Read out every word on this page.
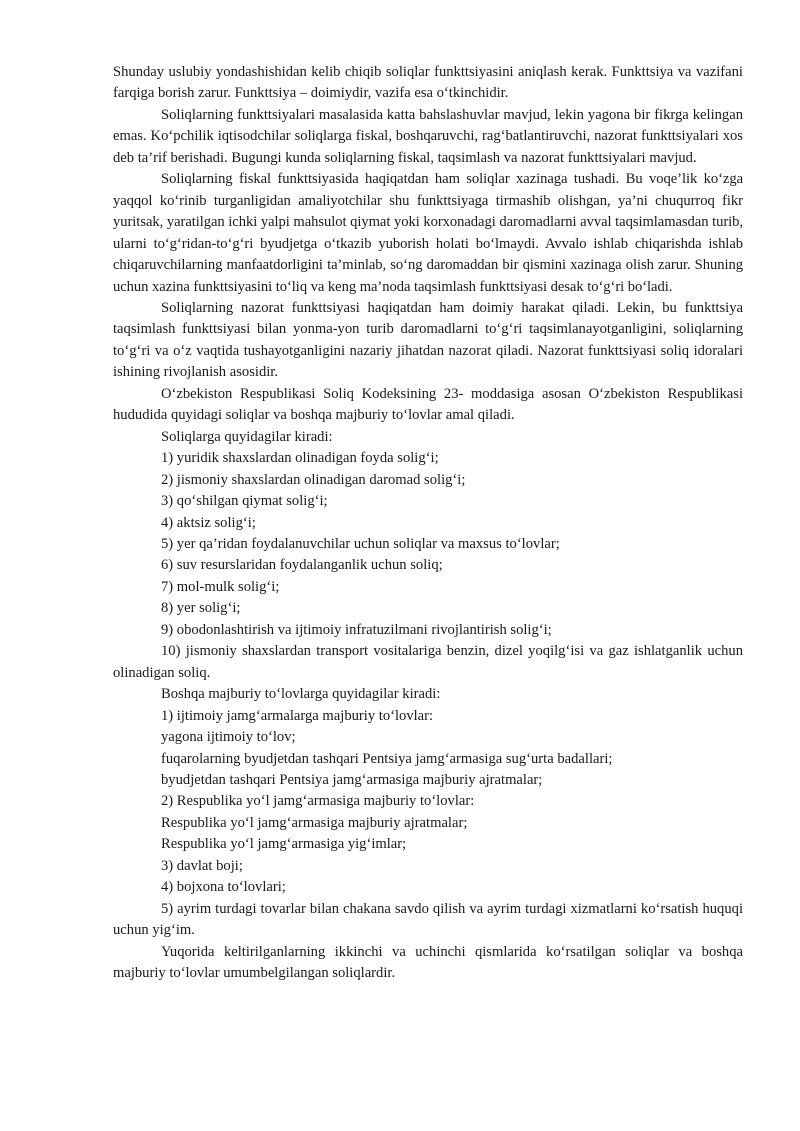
Shunday uslubiy yondashishidan kelib chiqib soliqlar funkttsiyasini aniqlash kerak. Funkttsiya va vazifani farqiga borish zarur. Funkttsiya – doimiydir, vazifa esa o‘tkinchidir.

Soliqlarning funkttsiyalari masalasida katta bahslashuvlar mavjud, lekin yagona bir fikrga kelingan emas. Ko‘pchilik iqtisodchilar soliqlarga fiskal, boshqaruvchi, rag‘batlantiruvchi, nazorat funkttsiyalari xos deb ta’rif berishadi. Bugungi kunda soliqlarning fiskal, taqsimlash va nazorat funkttsiyalari mavjud.

Soliqlarning fiskal funkttsiyasida haqiqatdan ham soliqlar xazinaga tushadi. Bu voqe’lik ko‘zga yaqqol ko‘rinib turganligidan amaliyotchilar shu funkttsiyaga tirmashib olishgan, ya’ni chuqurroq fikr yuritsak, yaratilgan ichki yalpi mahsulot qiymat yoki korxonadagi daromadlarni avval taqsimlamasdan turib, ularni to‘g‘ridan-to‘g‘ri byudjetga o‘tkazib yuborish holati bo‘lmaydi. Avvalo ishlab chiqarishda ishlab chiqaruvchilarning manfaatdorligini ta’minlab, so‘ng daromaddan bir qismini xazinaga olish zarur. Shuning uchun xazina funkttsiyasini to‘liq va keng ma’noda taqsimlash funkttsiyasi desak to‘g‘ri bo‘ladi.

Soliqlarning nazorat funkttsiyasi haqiqatdan ham doimiy harakat qiladi. Lekin, bu funkttsiya taqsimlash funkttsiyasi bilan yonma-yon turib daromadlarni to‘g‘ri taqsimlanayotganligini, soliqlarning to‘g‘ri va o‘z vaqtida tushayotganligini nazariy jihatdan nazorat qiladi. Nazorat funkttsiyasi soliq idoralari ishining rivojlanish asosidir.

O‘zbekiston Respublikasi Soliq Kodeksining 23- moddasiga asosan O‘zbekiston Respublikasi hududida quyidagi soliqlar va boshqa majburiy to‘lovlar amal qiladi.

Soliqlarga quyidagilar kiradi:

1) yuridik shaxslardan olinadigan foyda solig‘i;

2) jismoniy shaxslardan olinadigan daromad solig‘i;

3) qo‘shilgan qiymat solig‘i;

4) aktsiz solig‘i;

5) yer qa’ridan foydalanuvchilar uchun soliqlar va maxsus to‘lovlar;

6) suv resurslaridan foydalanganlik uchun soliq;

7) mol-mulk solig‘i;

8) yer solig‘i;

9) obodonlashtirish va ijtimoiy infratuzilmani rivojlantirish solig‘i;

10) jismoniy shaxslardan transport vositalariga benzin, dizel yoqilg‘isi va gaz ishlatganlik uchun olinadigan soliq.

Boshqa majburiy to‘lovlarga quyidagilar kiradi:

1) ijtimoiy jamg‘armalarga majburiy to‘lovlar:

yagona ijtimoiy to‘lov;

fuqarolarning byudjetdan tashqari Pentsiya jamg‘armasiga sug‘urta badallari;

byudjetdan tashqari Pentsiya jamg‘armasiga majburiy ajratmalar;

2) Respublika yo‘l jamg‘armasiga majburiy to‘lovlar:

Respublika yo‘l jamg‘armasiga majburiy ajratmalar;

Respublika yo‘l jamg‘armasiga yig‘imlar;

3) davlat boji;

4) bojxona to‘lovlari;

5) ayrim turdagi tovarlar bilan chakana savdo qilish va ayrim turdagi xizmatlarni ko‘rsatish huquqi uchun yig‘im.

Yuqorida keltirilganlarning ikkinchi va uchinchi qismlarida ko‘rsatilgan soliqlar va boshqa majburiy to‘lovlar umumbelgilangan soliqlardir.
